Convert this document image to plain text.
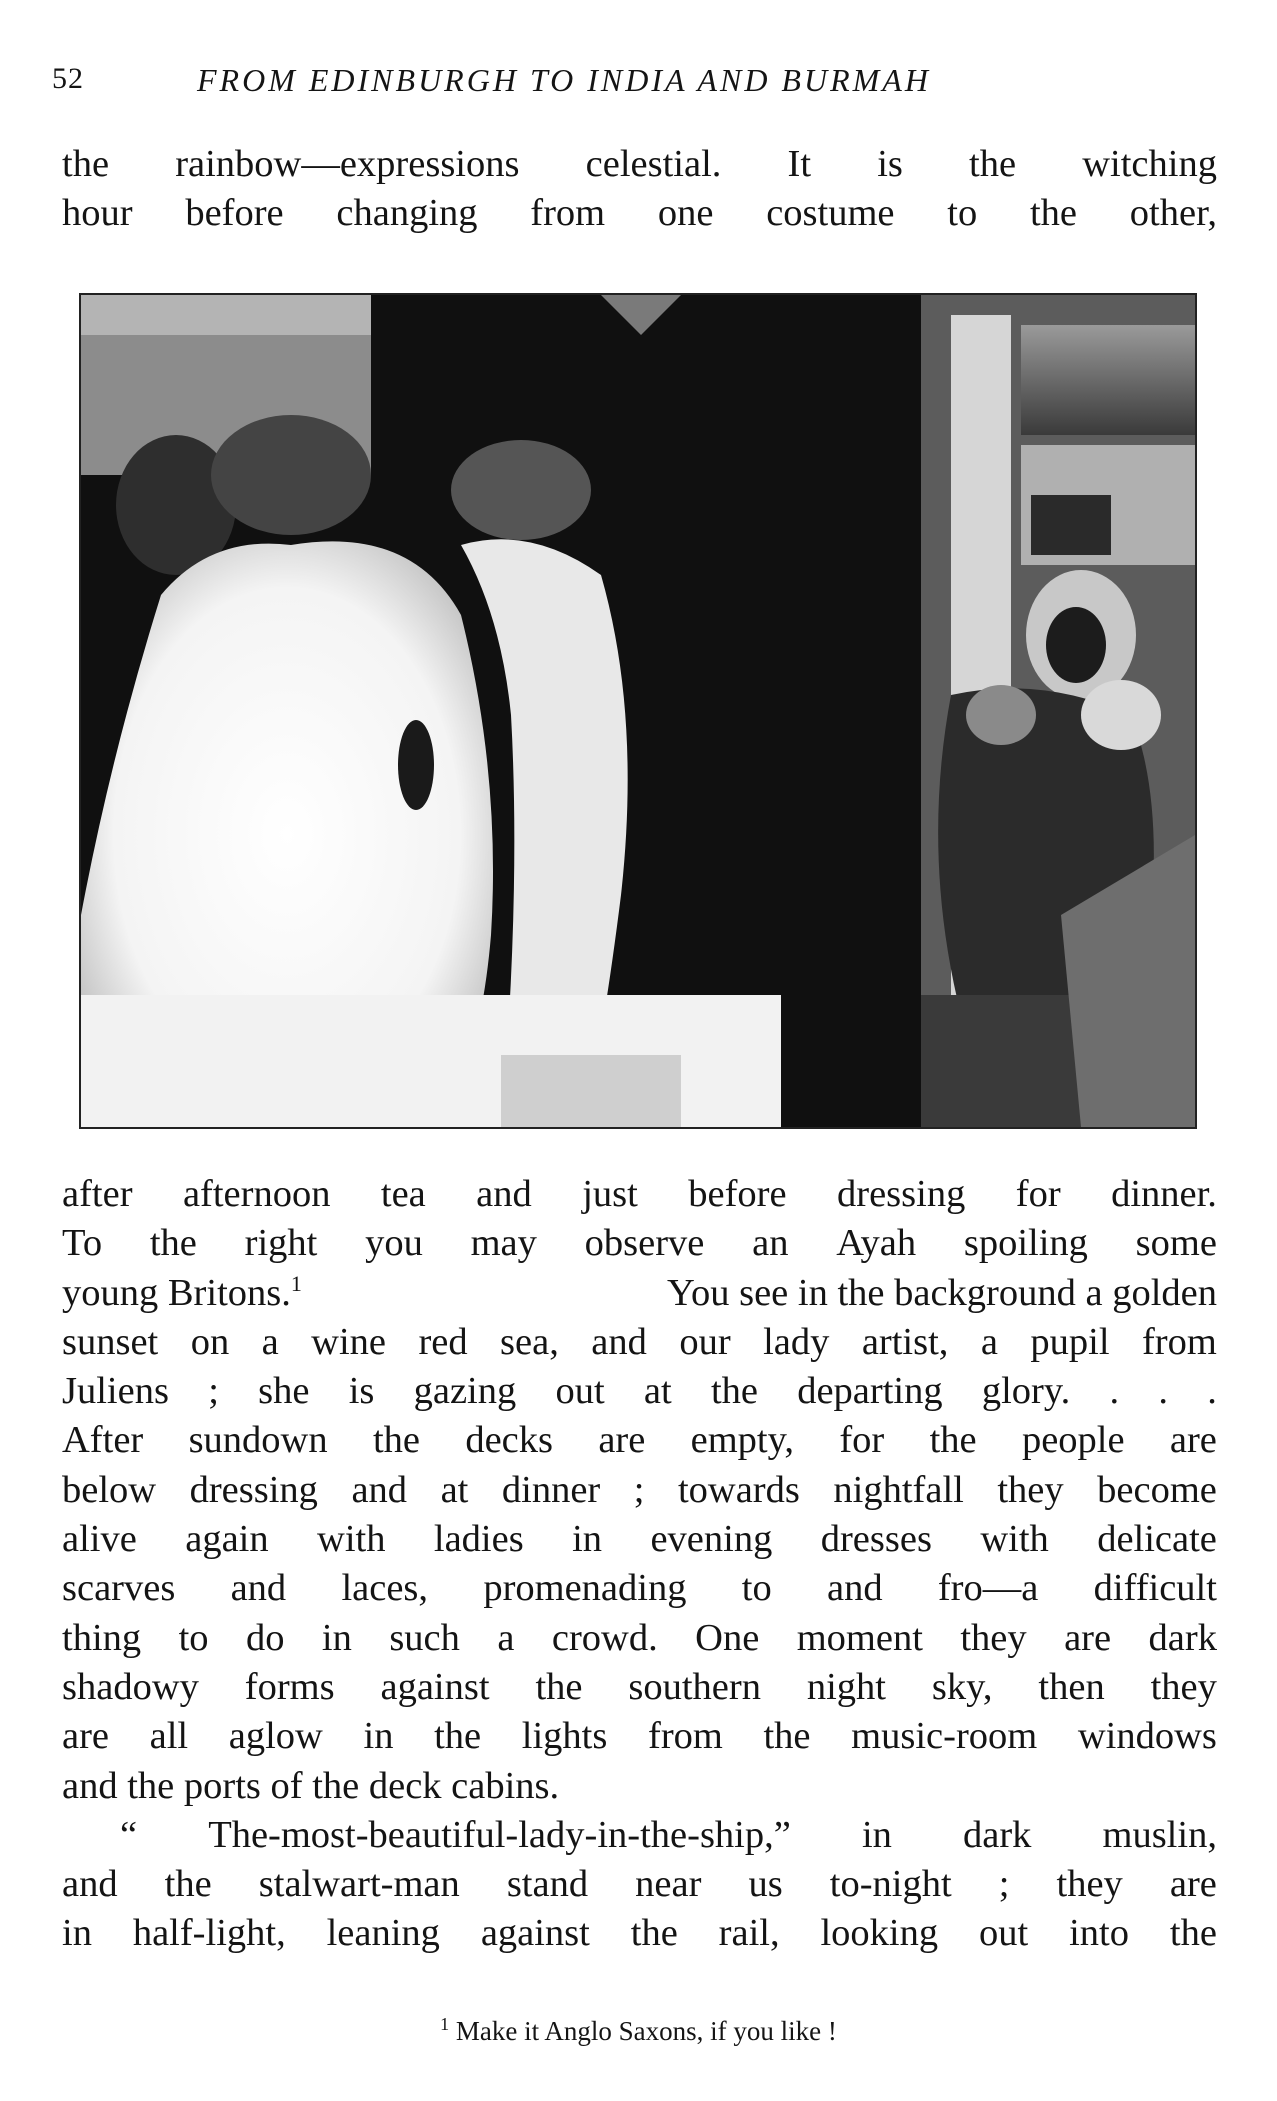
52	FROM EDINBURGH TO INDIA AND BURMAH
the rainbow—expressions celestial. It is the witching
hour before changing from one costume to the other,
after afternoon tea and just before dressing for dinner.
To the right you may observe an Ayah spoiling some
young Britons.$^1$	You see in the background a golden
sunset on a wine red sea, and our lady artist, a pupil from
Juliens ; she is gazing out at the departing glory. . . .
After sundown the decks are empty, for the people are
below dressing and at dinner ; towards nightfall they become
alive again with ladies in evening dresses with delicate
scarves and laces, promenading to and fro—a difficult
thing to do in such a crowd. One moment they are dark
shadowy forms against the southern night sky, then they
are all aglow in the lights from the music-room windows
and the ports of the deck cabins.
“ The-most-beautiful-lady-in-the-ship,” in dark muslin,
and the stalwart-man stand near us to-night ; they are
in half-light, leaning against the rail, looking out into the
$^1$ Make it Anglo Saxons, if you like !
